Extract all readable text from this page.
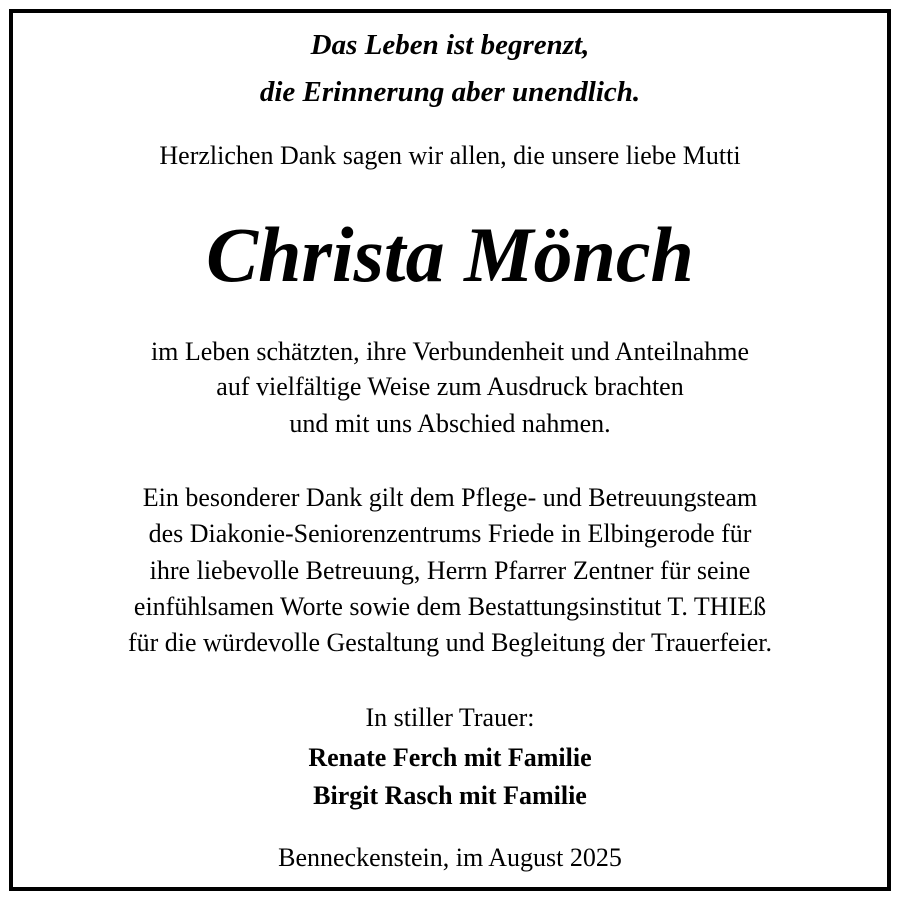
Das Leben ist begrenzt,
die Erinnerung aber unendlich.
Herzlichen Dank sagen wir allen, die unsere liebe Mutti
Christa Mönch
im Leben schätzten, ihre Verbundenheit und Anteilnahme
auf vielfältige Weise zum Ausdruck brachten
und mit uns Abschied nahmen.
Ein besonderer Dank gilt dem Pflege- und Betreuungsteam
des Diakonie-Seniorenzentrums Friede in Elbingerode für
ihre liebevolle Betreuung, Herrn Pfarrer Zentner für seine
einfühlsamen Worte sowie dem Bestattungsinstitut T. THIEß
für die würdevolle Gestaltung und Begleitung der Trauerfeier.
In stiller Trauer:
Renate Ferch mit Familie
Birgit Rasch mit Familie
Benneckenstein, im August 2025
